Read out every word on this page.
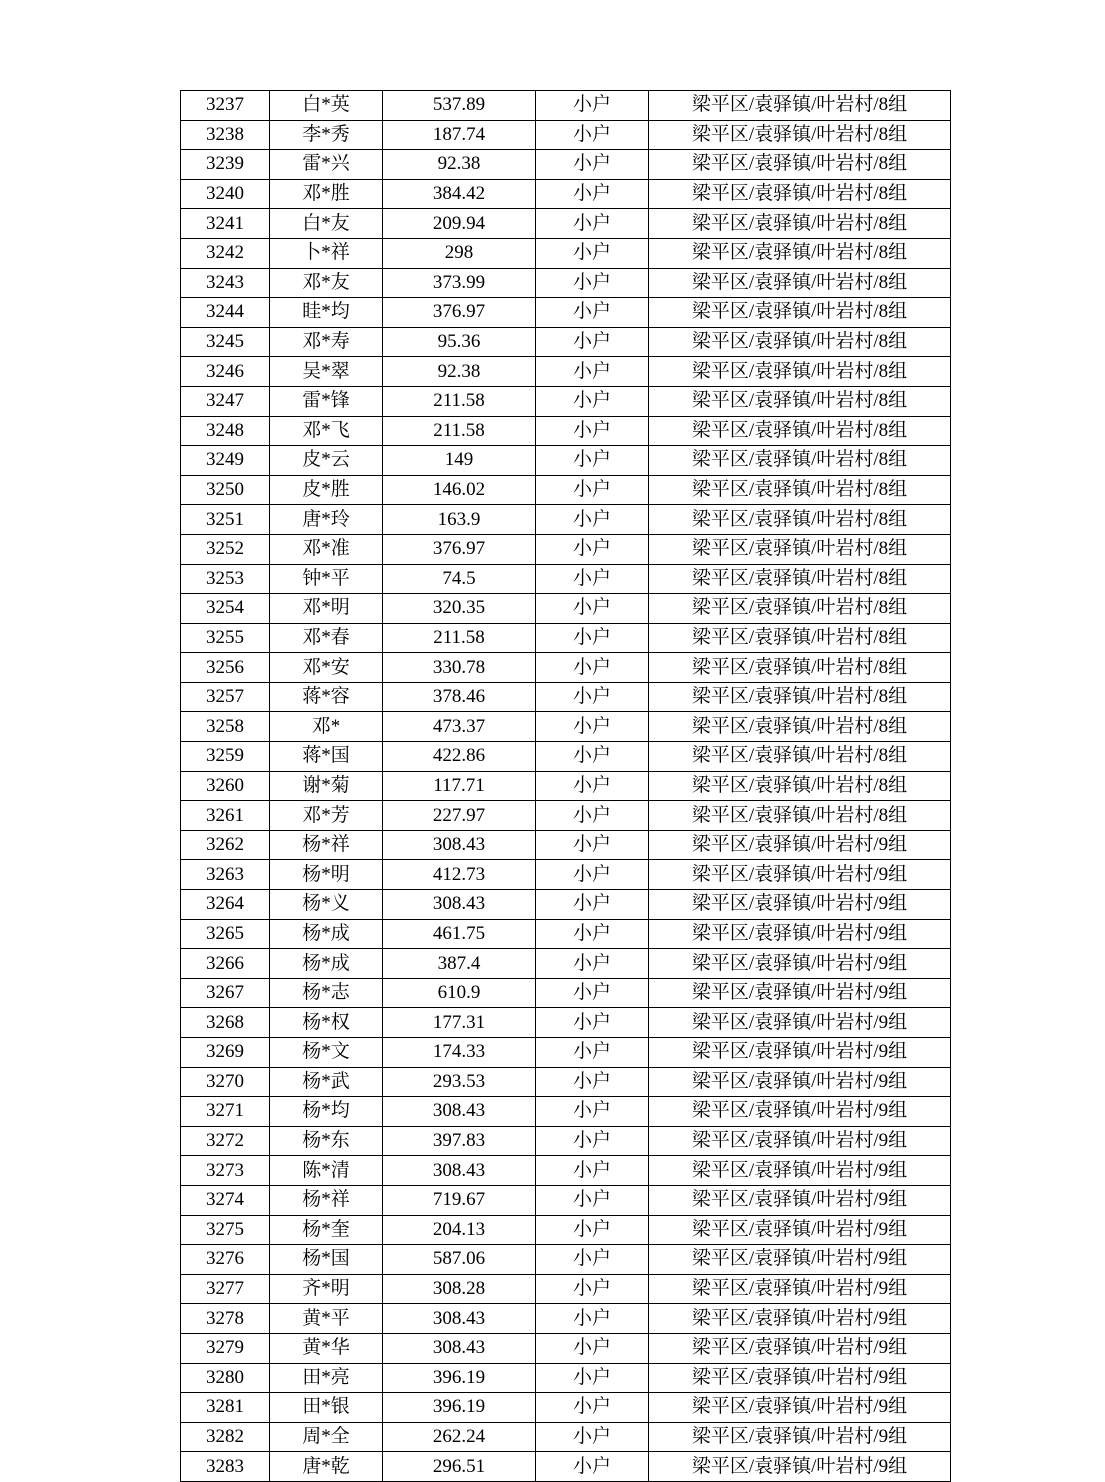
3237	白*英	537.89	小户	梁平区/袁驿镇/叶岩村/8组
3238	李*秀	187.74	小户	梁平区/袁驿镇/叶岩村/8组
3239	雷*兴	92.38	小户	梁平区/袁驿镇/叶岩村/8组
3240	邓*胜	384.42	小户	梁平区/袁驿镇/叶岩村/8组
3241	白*友	209.94	小户	梁平区/袁驿镇/叶岩村/8组
3242	卜*祥	298	小户	梁平区/袁驿镇/叶岩村/8组
3243	邓*友	373.99	小户	梁平区/袁驿镇/叶岩村/8组
3244	眭*均	376.97	小户	梁平区/袁驿镇/叶岩村/8组
3245	邓*寿	95.36	小户	梁平区/袁驿镇/叶岩村/8组
3246	吴*翠	92.38	小户	梁平区/袁驿镇/叶岩村/8组
3247	雷*锋	211.58	小户	梁平区/袁驿镇/叶岩村/8组
3248	邓*飞	211.58	小户	梁平区/袁驿镇/叶岩村/8组
3249	皮*云	149	小户	梁平区/袁驿镇/叶岩村/8组
3250	皮*胜	146.02	小户	梁平区/袁驿镇/叶岩村/8组
3251	唐*玲	163.9	小户	梁平区/袁驿镇/叶岩村/8组
3252	邓*准	376.97	小户	梁平区/袁驿镇/叶岩村/8组
3253	钟*平	74.5	小户	梁平区/袁驿镇/叶岩村/8组
3254	邓*明	320.35	小户	梁平区/袁驿镇/叶岩村/8组
3255	邓*春	211.58	小户	梁平区/袁驿镇/叶岩村/8组
3256	邓*安	330.78	小户	梁平区/袁驿镇/叶岩村/8组
3257	蒋*容	378.46	小户	梁平区/袁驿镇/叶岩村/8组
3258	邓*	473.37	小户	梁平区/袁驿镇/叶岩村/8组
3259	蒋*国	422.86	小户	梁平区/袁驿镇/叶岩村/8组
3260	谢*菊	117.71	小户	梁平区/袁驿镇/叶岩村/8组
3261	邓*芳	227.97	小户	梁平区/袁驿镇/叶岩村/8组
3262	杨*祥	308.43	小户	梁平区/袁驿镇/叶岩村/9组
3263	杨*明	412.73	小户	梁平区/袁驿镇/叶岩村/9组
3264	杨*义	308.43	小户	梁平区/袁驿镇/叶岩村/9组
3265	杨*成	461.75	小户	梁平区/袁驿镇/叶岩村/9组
3266	杨*成	387.4	小户	梁平区/袁驿镇/叶岩村/9组
3267	杨*志	610.9	小户	梁平区/袁驿镇/叶岩村/9组
3268	杨*权	177.31	小户	梁平区/袁驿镇/叶岩村/9组
3269	杨*文	174.33	小户	梁平区/袁驿镇/叶岩村/9组
3270	杨*武	293.53	小户	梁平区/袁驿镇/叶岩村/9组
3271	杨*均	308.43	小户	梁平区/袁驿镇/叶岩村/9组
3272	杨*东	397.83	小户	梁平区/袁驿镇/叶岩村/9组
3273	陈*清	308.43	小户	梁平区/袁驿镇/叶岩村/9组
3274	杨*祥	719.67	小户	梁平区/袁驿镇/叶岩村/9组
3275	杨*奎	204.13	小户	梁平区/袁驿镇/叶岩村/9组
3276	杨*国	587.06	小户	梁平区/袁驿镇/叶岩村/9组
3277	齐*明	308.28	小户	梁平区/袁驿镇/叶岩村/9组
3278	黄*平	308.43	小户	梁平区/袁驿镇/叶岩村/9组
3279	黄*华	308.43	小户	梁平区/袁驿镇/叶岩村/9组
3280	田*亮	396.19	小户	梁平区/袁驿镇/叶岩村/9组
3281	田*银	396.19	小户	梁平区/袁驿镇/叶岩村/9组
3282	周*全	262.24	小户	梁平区/袁驿镇/叶岩村/9组
3283	唐*乾	296.51	小户	梁平区/袁驿镇/叶岩村/9组
